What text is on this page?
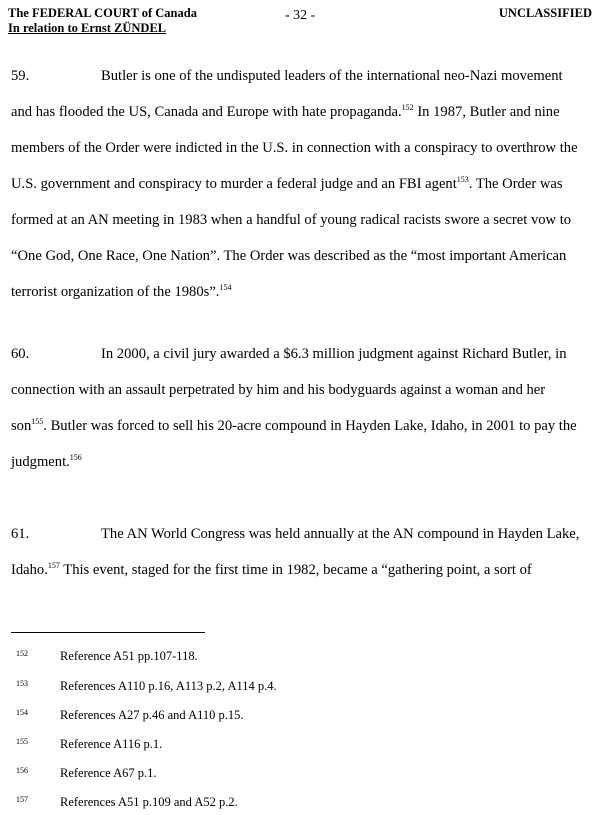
The FEDERAL COURT of Canada
In relation to Ernst ZÜNDEL
- 32 -	UNCLASSIFIED
59.	Butler is one of the undisputed leaders of the international neo-Nazi movement
and has flooded the US, Canada and Europe with hate propaganda.$^{152}$ In 1987, Butler and nine
members of the Order were indicted in the U.S. in connection with a conspiracy to overthrow the
U.S. government and conspiracy to murder a federal judge and an FBI agent$^{153}$. The Order was
formed at an AN meeting in 1983 when a handful of young radical racists swore a secret vow to
“One God, One Race, One Nation”. The Order was described as the “most important American
terrorist organization of the 1980s”.$^{154}$
60.	In 2000, a civil jury awarded a $6.3 million judgment against Richard Butler, in
connection with an assault perpetrated by him and his bodyguards against a woman and her
son$^{155}$. Butler was forced to sell his 20-acre compound in Hayden Lake, Idaho, in 2001 to pay the
judgment.$^{156}$
61.	The AN World Congress was held annually at the AN compound in Hayden Lake,
Idaho.$^{157}$ This event, staged for the first time in 1982, became a “gathering point, a sort of
152	Reference A51 pp.107-118.
153	References A110 p.16, A113 p.2, A114 p.4.
154	References A27 p.46 and A110 p.15.
155	Reference A116 p.1.
156	Reference A67 p.1.
157	References A51 p.109 and A52 p.2.
